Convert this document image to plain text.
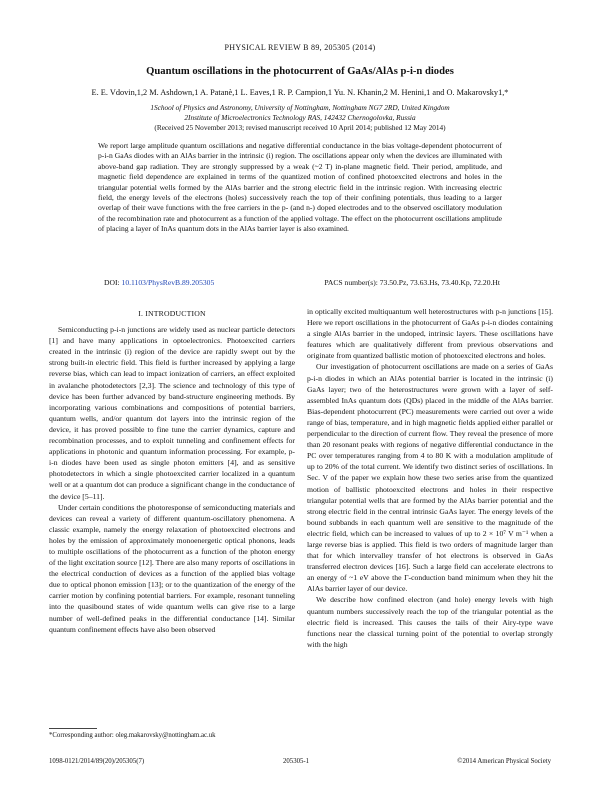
PHYSICAL REVIEW B 89, 205305 (2014)
Quantum oscillations in the photocurrent of GaAs/AlAs p-i-n diodes
E. E. Vdovin,1,2 M. Ashdown,1 A. Patanè,1 L. Eaves,1 R. P. Campion,1 Yu. N. Khanin,2 M. Henini,1 and O. Makarovsky1,*
1School of Physics and Astronomy, University of Nottingham, Nottingham NG7 2RD, United Kingdom
2Institute of Microelectronics Technology RAS, 142432 Chernogolovka, Russia
(Received 25 November 2013; revised manuscript received 10 April 2014; published 12 May 2014)
We report large amplitude quantum oscillations and negative differential conductance in the bias voltage-dependent photocurrent of p-i-n GaAs diodes with an AlAs barrier in the intrinsic (i) region. The oscillations appear only when the devices are illuminated with above-band gap radiation. They are strongly suppressed by a weak (~2 T) in-plane magnetic field. Their period, amplitude, and magnetic field dependence are explained in terms of the quantized motion of confined photoexcited electrons and holes in the triangular potential wells formed by the AlAs barrier and the strong electric field in the intrinsic region. With increasing electric field, the energy levels of the electrons (holes) successively reach the top of their confining potentials, thus leading to a larger overlap of their wave functions with the free carriers in the p- (and n-) doped electrodes and to the observed oscillatory modulation of the recombination rate and photocurrent as a function of the applied voltage. The effect on the photocurrent oscillations amplitude of placing a layer of InAs quantum dots in the AlAs barrier layer is also examined.
DOI: 10.1103/PhysRevB.89.205305	PACS number(s): 73.50.Pz, 73.63.Hs, 73.40.Kp, 72.20.Ht
I. INTRODUCTION

Semiconducting p-i-n junctions are widely used as nuclear particle detectors [1] and have many applications in optoelectronics. Photoexcited carriers created in the intrinsic (i) region of the device are rapidly swept out by the strong built-in electric field. This field is further increased by applying a large reverse bias, which can lead to impact ionization of carriers, an effect exploited in avalanche photodetectors [2,3]. The science and technology of this type of device has been further advanced by band-structure engineering methods. By incorporating various combinations and compositions of potential barriers, quantum wells, and/or quantum dot layers into the intrinsic region of the device, it has proved possible to fine tune the carrier dynamics, capture and recombination processes, and to exploit tunneling and confinement effects for applications in photonic and quantum information processing. For example, p-i-n diodes have been used as single photon emitters [4], and as sensitive photodetectors in which a single photoexcited carrier localized in a quantum well or at a quantum dot can produce a significant change in the conductance of the device [5–11].

Under certain conditions the photoresponse of semiconducting materials and devices can reveal a variety of different quantum-oscillatory phenomena. A classic example, namely the energy relaxation of photoexcited electrons and holes by the emission of approximately monoenergetic optical phonons, leads to multiple oscillations of the photocurrent as a function of the photon energy of the light excitation source [12]. There are also many reports of oscillations in the electrical conduction of devices as a function of the applied bias voltage due to optical phonon emission [13]; or to the quantization of the energy of the carrier motion by confining potential barriers. For example, resonant tunneling into the quasibound states of wide quantum wells can give rise to a large number of well-defined peaks in the differential conductance [14]. Similar quantum confinement effects have also been observed

in optically excited multiquantum well heterostructures with p-n junctions [15]. Here we report oscillations in the photocurrent of GaAs p-i-n diodes containing a single AlAs barrier in the undoped, intrinsic layers. These oscillations have features which are qualitatively different from previous observations and originate from quantized ballistic motion of photoexcited electrons and holes.

Our investigation of photocurrent oscillations are made on a series of GaAs p-i-n diodes in which an AlAs potential barrier is located in the intrinsic (i) GaAs layer; two of the heterostructures were grown with a layer of self-assembled InAs quantum dots (QDs) placed in the middle of the AlAs barrier. Bias-dependent photocurrent (PC) measurements were carried out over a wide range of bias, temperature, and in high magnetic fields applied either parallel or perpendicular to the direction of current flow. They reveal the presence of more than 20 resonant peaks with regions of negative differential conductance in the PC over temperatures ranging from 4 to 80 K with a modulation amplitude of up to 20% of the total current. We identify two distinct series of oscillations. In Sec. V of the paper we explain how these two series arise from the quantized motion of ballistic photoexcited electrons and holes in their respective triangular potential wells that are formed by the AlAs barrier potential and the strong electric field in the central intrinsic GaAs layer. The energy levels of the bound subbands in each quantum well are sensitive to the magnitude of the electric field, which can be increased to values of up to 2 × 10⁷ V m⁻¹ when a large reverse bias is applied. This field is two orders of magnitude larger than that for which intervalley transfer of hot electrons is observed in GaAs transferred electron devices [16]. Such a large field can accelerate electrons to an energy of ~1 eV above the Γ-conduction band minimum when they hit the AlAs barrier layer of our device.

We describe how confined electron (and hole) energy levels with high quantum numbers successively reach the top of the triangular potential as the electric field is increased. This causes the tails of their Airy-type wave functions near the classical turning point of the potential to overlap strongly with the high

*Corresponding author: oleg.makarovsky@nottingham.ac.uk
1098-0121/2014/89(20)/205305(7)	205305-1	©2014 American Physical Society
